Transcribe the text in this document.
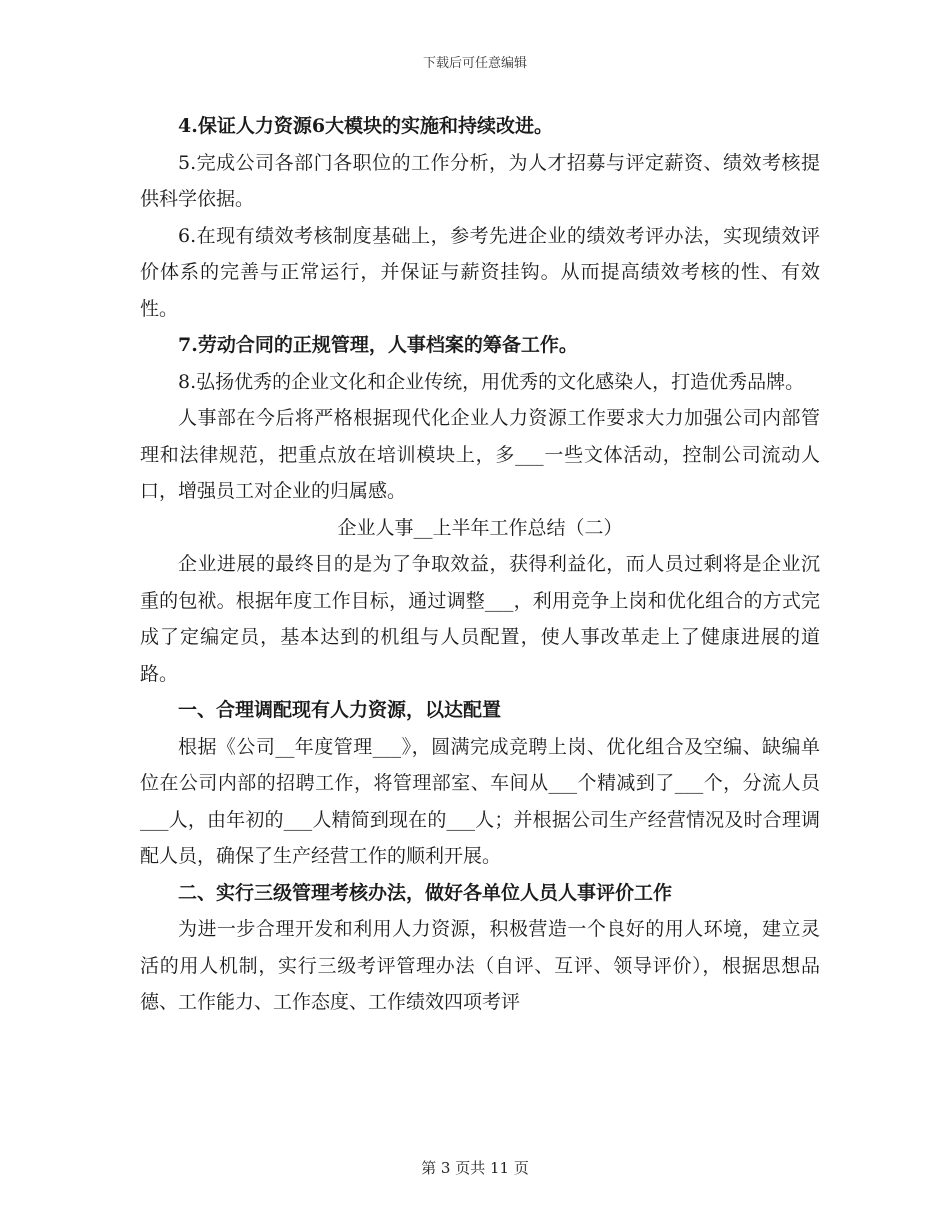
下载后可任意编辑

4.保证人力资源6大模块的实施和持续改进。

5.完成公司各部门各职位的工作分析，为人才招募与评定薪资、绩效考核提供科学依据。

6.在现有绩效考核制度基础上，参考先进企业的绩效考评办法，实现绩效评价体系的完善与正常运行，并保证与薪资挂钩。从而提高绩效考核的性、有效性。

7.劳动合同的正规管理，人事档案的筹备工作。

8.弘扬优秀的企业文化和企业传统，用优秀的文化感染人，打造优秀品牌。

人事部在今后将严格根据现代化企业人力资源工作要求大力加强公司内部管理和法律规范，把重点放在培训模块上，多___一些文体活动，控制公司流动人口，增强员工对企业的归属感。

企业人事__上半年工作总结（二）

企业进展的最终目的是为了争取效益，获得利益化，而人员过剩将是企业沉重的包袱。根据年度工作目标，通过调整___，利用竞争上岗和优化组合的方式完成了定编定员，基本达到的机组与人员配置，使人事改革走上了健康进展的道路。

一、合理调配现有人力资源，以达配置

根据《公司__年度管理___》，圆满完成竞聘上岗、优化组合及空编、缺编单位在公司内部的招聘工作，将管理部室、车间从___个精减到了___个，分流人员___人，由年初的___人精简到现在的___人；并根据公司生产经营情况及时合理调配人员，确保了生产经营工作的顺利开展。

二、实行三级管理考核办法，做好各单位人员人事评价工作

为进一步合理开发和利用人力资源，积极营造一个良好的用人环境，建立灵活的用人机制，实行三级考评管理办法（自评、互评、领导评价），根据思想品德、工作能力、工作态度、工作绩效四项考评

第 3 页共 11 页
